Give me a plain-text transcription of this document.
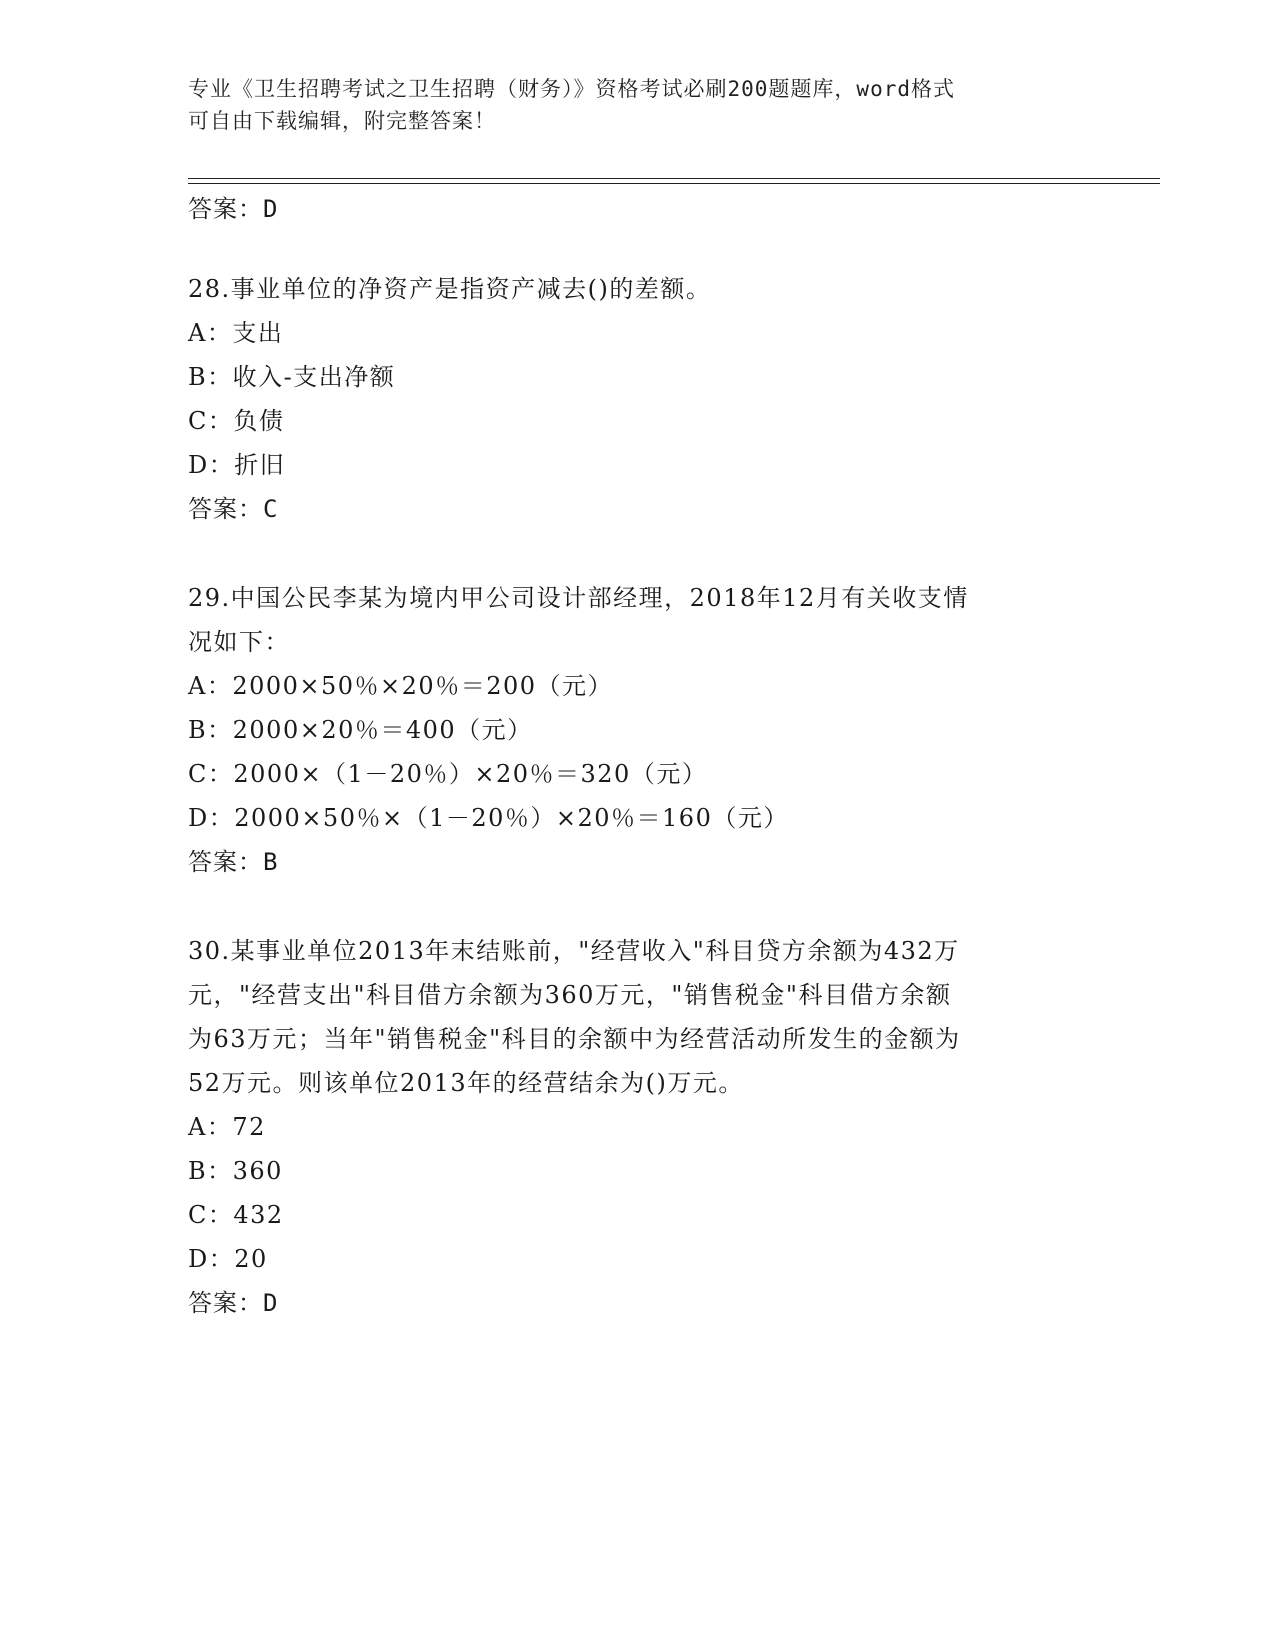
专业《卫生招聘考试之卫生招聘（财务）》资格考试必刷200题题库，word格式
可自由下载编辑，附完整答案！
答案：D
28.事业单位的净资产是指资产减去()的差额。
A：支出
B：收入-支出净额
C：负债
D：折旧
答案：C
29.中国公民李某为境内甲公司设计部经理，2018年12月有关收支情
况如下：
A：2000×50％×20％＝200（元）
B：2000×20％＝400（元）
C：2000×（1－20％）×20％＝320（元）
D：2000×50％×（1－20％）×20％＝160（元）
答案：B
30.某事业单位2013年末结账前，"经营收入"科目贷方余额为432万
元，"经营支出"科目借方余额为360万元，"销售税金"科目借方余额
为63万元；当年"销售税金"科目的余额中为经营活动所发生的金额为
52万元。则该单位2013年的经营结余为()万元。
A：72
B：360
C：432
D：20
答案：D
